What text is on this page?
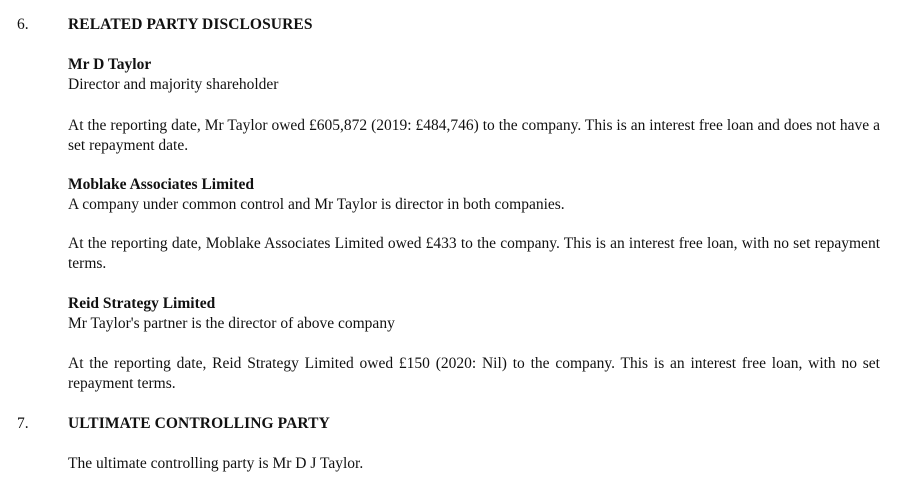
6.	RELATED PARTY DISCLOSURES

Mr D Taylor

Director and majority shareholder

At the reporting date, Mr Taylor owed £605,872 (2019: £484,746) to the company. This is an interest free loan and does not have a set repayment date.

Moblake Associates Limited

A company under common control and Mr Taylor is director in both companies.

At the reporting date, Moblake Associates Limited owed £433 to the company. This is an interest free loan, with no set repayment terms.

Reid Strategy Limited

Mr Taylor's partner is the director of above company

At the reporting date, Reid Strategy Limited owed £150 (2020: Nil) to the company. This is an interest free loan, with no set repayment terms.

7.	ULTIMATE CONTROLLING PARTY

The ultimate controlling party is Mr D J Taylor.
